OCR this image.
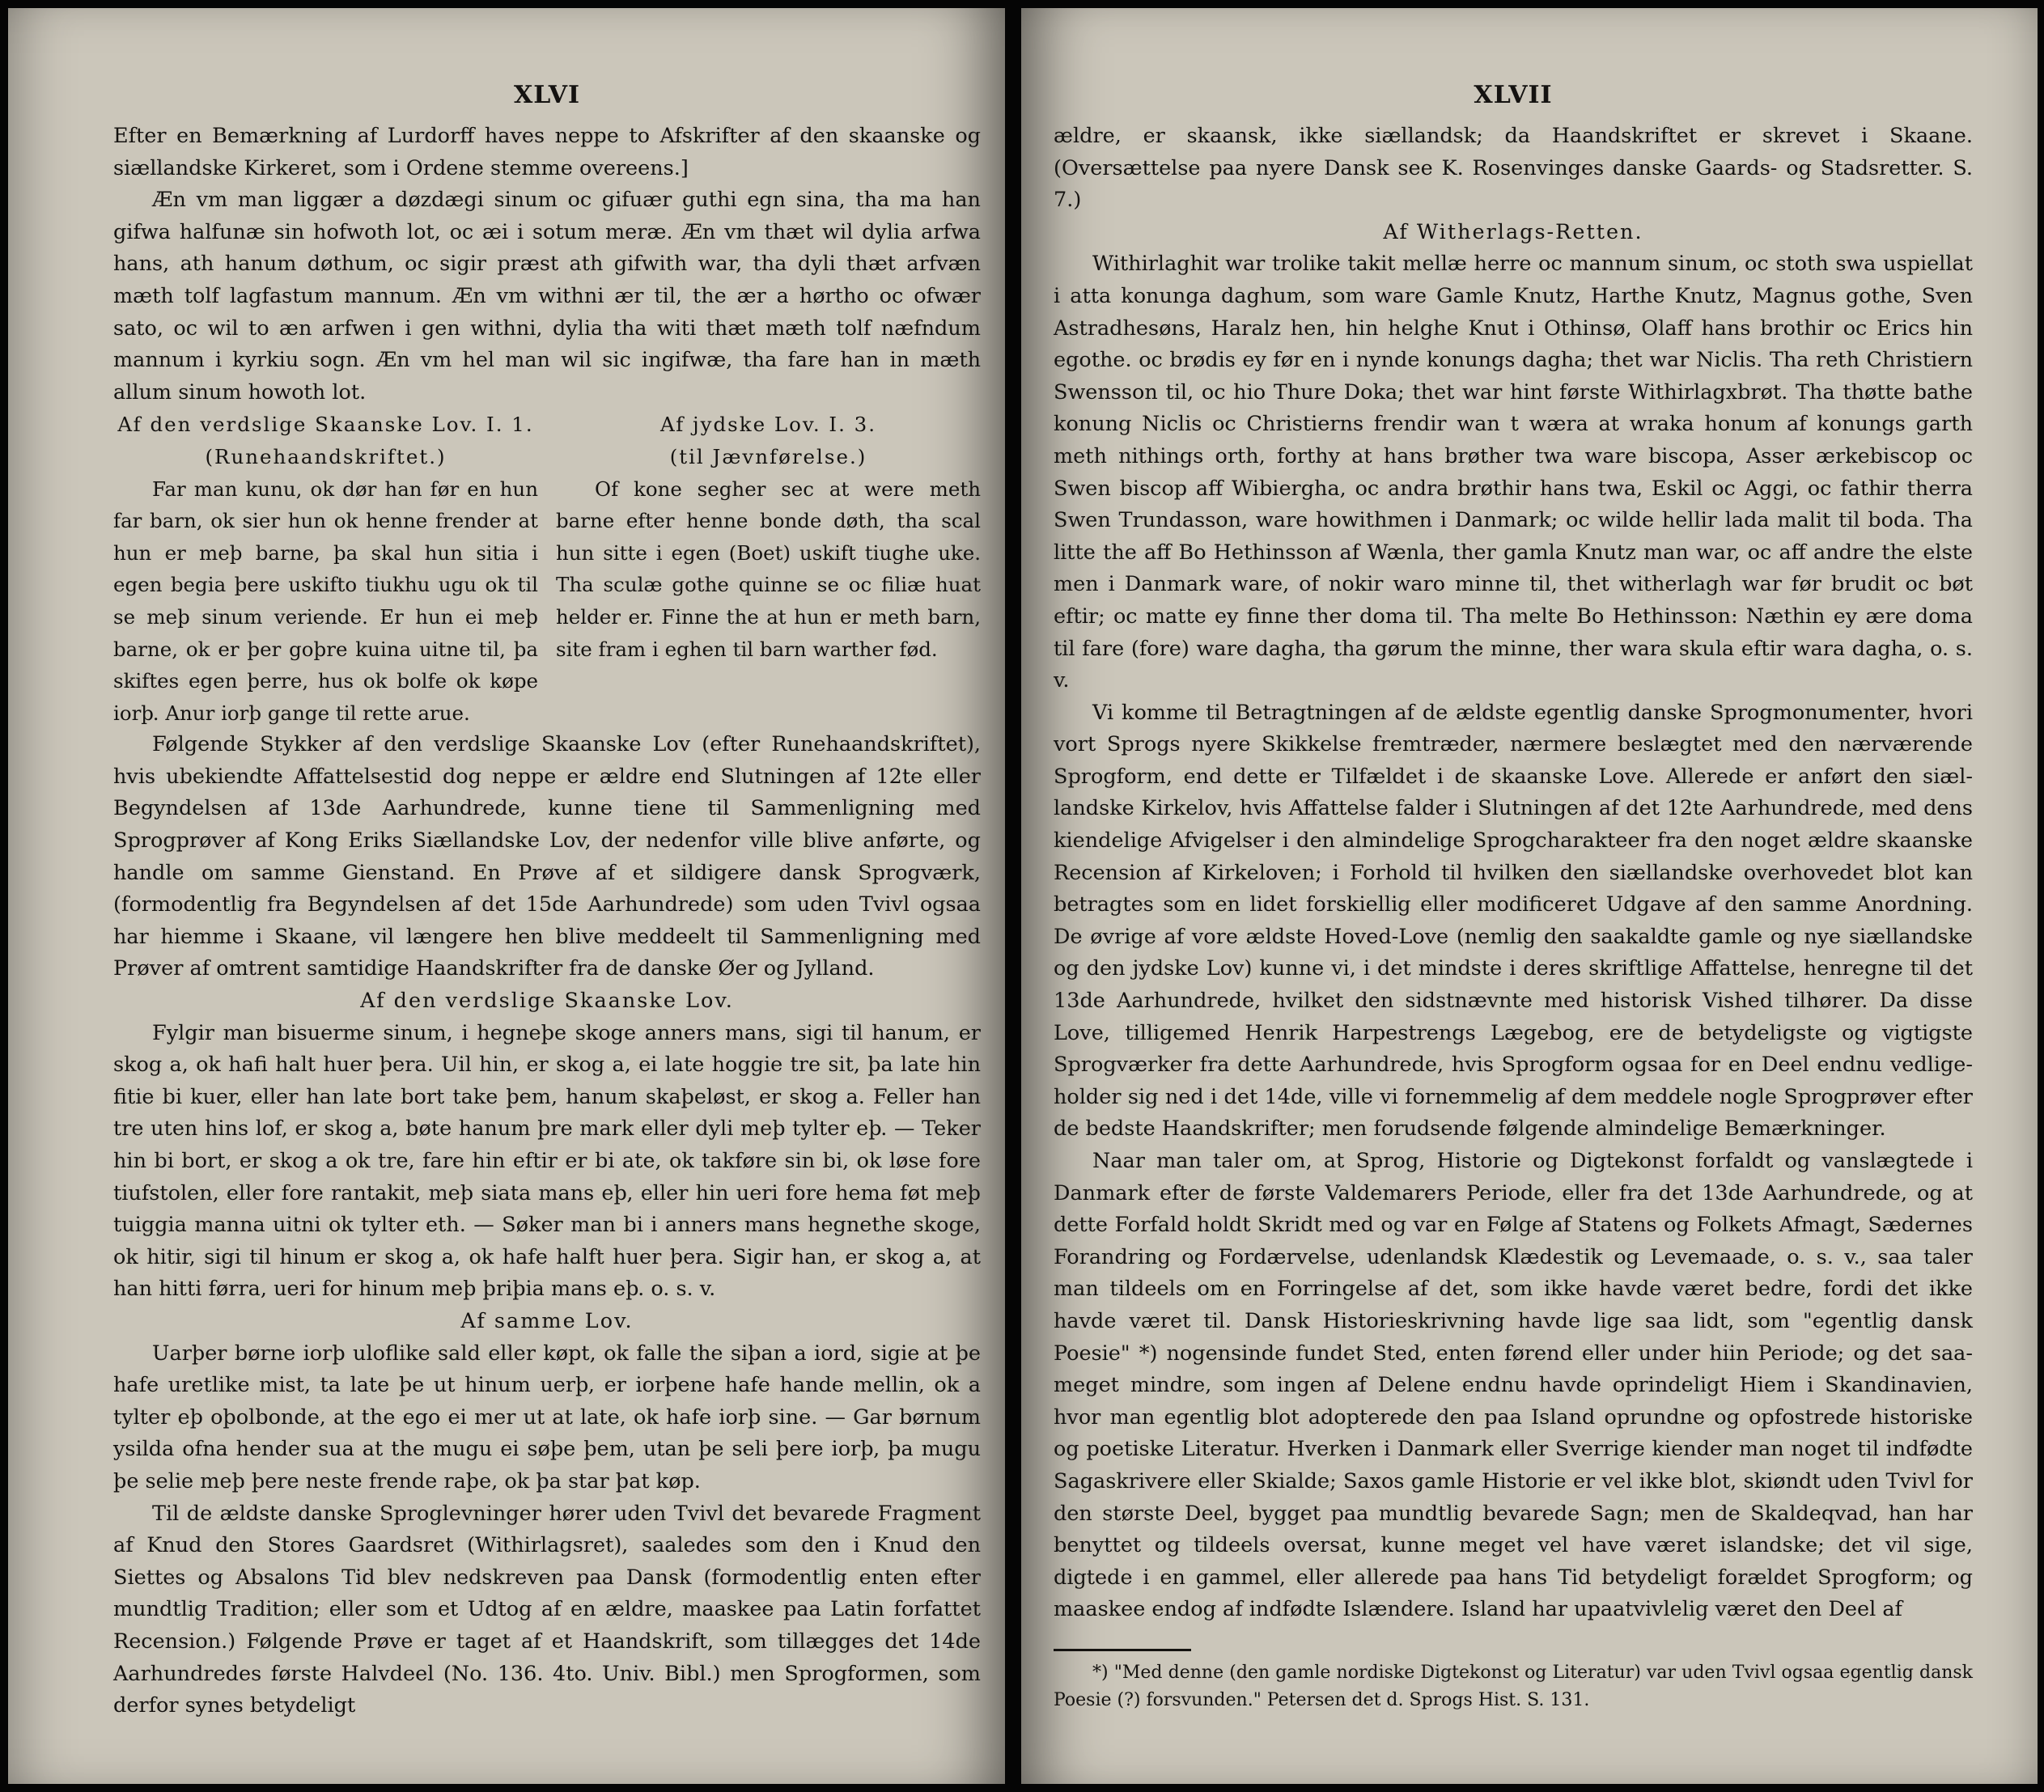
XLVI

Efter en Bemærkning af Lurdorff haves neppe to Afskrifter af den skaanske og siællandske Kirkeret, som i Ordene stemme overeens.]

Æn vm man liggær a døzdægi sinum oc gifuær guthi egn sina, tha ma han gifwa halfunæ sin hofwoth lot, oc æi i sotum meræ. Æn vm thæt wil dylia arfwa hans, ath hanum døthum, oc sigir præst ath gifwith war, tha dyli thæt arfvæn mæth tolf lagfastum mannum. Æn vm withni ær til, the ær a hørtho oc ofwær sato, oc wil to æn arfwen i gen withni, dylia tha witi thæt mæth tolf næfndum mannum i kyrkiu sogn. Æn vm hel man wil sic ingifwæ, tha fare han in mæth allum sinum howoth lot.

Af den verdslige Skaanske Lov. I. 1.

(Runehaandskriftet.)

Far man kunu, ok dør han før en hun far barn, ok sier hun ok henne frender at hun er meþ barne, þa skal hun sitia i egen begia þere uskifto tiukhu ugu ok til se meþ sinum veriende. Er hun ei meþ barne, ok er þer goþre kuina uitne til, þa skiftes egen þerre, hus ok bolfe ok køpe iorþ. Anur iorþ gange til rette arue.

Af jydske Lov. I. 3.

(til Jævnførelse.)

Of kone segher sec at were meth barne efter henne bonde døth, tha scal hun sitte i egen (Boet) uskift tiughe uke. Tha sculæ gothe quinne se oc filiæ huat helder er. Finne the at hun er meth barn, site fram i eghen til barn warther fød.

Følgende Stykker af den verdslige Skaanske Lov (efter Runehaandskriftet), hvis ubekiendte Affattelsestid dog neppe er ældre end Slutningen af 12te eller Begyndelsen af 13de Aarhundrede, kunne tiene til Sammenligning med Sprogprøver af Kong Eriks Siællandske Lov, der nedenfor ville blive anførte, og handle om samme Gienstand. En Prøve af et sildigere dansk Sprogværk, (formodentlig fra Begyndelsen af det 15de Aarhundrede) som uden Tvivl ogsaa har hiemme i Skaane, vil længere hen blive meddeelt til Sammenligning med Prøver af omtrent samtidige Haandskrifter fra de danske Øer og Jylland.

Af den verdslige Skaanske Lov.

Fylgir man bisuerme sinum, i hegneþe skoge anners mans, sigi til hanum, er skog a, ok hafi halt huer þera. Uil hin, er skog a, ei late hoggie tre sit, þa late hin fitie bi kuer, eller han late bort take þem, hanum skaþeløst, er skog a. Feller han tre uten hins lof, er skog a, bøte hanum þre mark eller dyli meþ tylter eþ. — Teker hin bi bort, er skog a ok tre, fare hin eftir er bi ate, ok takføre sin bi, ok løse fore tiufstolen, eller fore rantakit, meþ siata mans eþ, eller hin ueri fore hema føt meþ tuiggia manna uitni ok tylter eth. — Søker man bi i anners mans hegnethe skoge, ok hitir, sigi til hinum er skog a, ok hafe halft huer þera. Sigir han, er skog a, at han hitti førra, ueri for hinum meþ þriþia mans eþ. o. s. v.

Af samme Lov.

Uarþer børne iorþ uloflike sald eller køpt, ok falle the siþan a iord, sigie at þe hafe uretlike mist, ta late þe ut hinum uerþ, er iorþene hafe hande mellin, ok a tylter eþ oþolbonde, at the ego ei mer ut at late, ok hafe iorþ sine. — Gar børnum ysilda ofna hender sua at the mugu ei søþe þem, utan þe seli þere iorþ, þa mugu þe selie meþ þere neste frende raþe, ok þa star þat køp.

Til de ældste danske Sproglevninger hører uden Tvivl det bevarede Fragment af Knud den Stores Gaardsret (Withirlagsret), saaledes som den i Knud den Siettes og Absalons Tid blev nedskreven paa Dansk (formodentlig enten efter mundtlig Tradition; eller som et Udtog af en ældre, maaskee paa Latin forfattet Recension.) Følgende Prøve er taget af et Haandskrift, som tillægges det 14de Aarhundredes første Halvdeel (No. 136. 4to. Univ. Bibl.) men Sprogformen, som derfor synes betydeligt

XLVII

ældre, er skaansk, ikke siællandsk; da Haandskriftet er skrevet i Skaane. (Oversættelse paa nyere Dansk see K. Rosenvinges danske Gaards- og Stadsretter. S. 7.)

Af Witherlags-Retten.

Withirlaghit war trolike takit mellæ herre oc mannum sinum, oc stoth swa uspiellat i atta konunga daghum, som ware Gamle Knutz, Harthe Knutz, Magnus gothe, Sven Astradhesøns, Haralz hen, hin helghe Knut i Othinsø, Olaff hans brothir oc Erics hin egothe. oc brødis ey før en i nynde konungs dagha; thet war Niclis. Tha reth Christiern Swensson til, oc hio Thure Doka; thet war hint første Withirlagxbrøt. Tha thøtte bathe konung Niclis oc Christierns frendir wan t wæra at wraka honum af konungs garth meth nithings orth, forthy at hans brøther twa ware biscopa, Asser ærkebiscop oc Swen biscop aff Wibiergha, oc andra brøthir hans twa, Eskil oc Aggi, oc fathir therra Swen Trundasson, ware howithmen i Danmark; oc wilde hellir lada malit til boda. Tha litte the aff Bo Hethinsson af Wænla, ther gamla Knutz man war, oc aff andre the elste men i Danmark ware, of nokir waro minne til, thet witherlagh war før brudit oc bøt eftir; oc matte ey finne ther doma til. Tha melte Bo Hethinsson: Næthin ey ære doma til fare (fore) ware dagha, tha gørum the minne, ther wara skula eftir wara dagha, o. s. v.

Vi komme til Betragtningen af de ældste egentlig danske Sprogmonumenter, hvori vort Sprogs nyere Skikkelse fremtræder, nærmere beslægtet med den nærværende Sprogform, end dette er Tilfældet i de skaanske Love. Allerede er anført den siællandske Kirkelov, hvis Affattelse falder i Slutningen af det 12te Aarhundrede, med dens kiendelige Afvigelser i den almindelige Sprogcharakteer fra den noget ældre skaanske Recension af Kirkeloven; i Forhold til hvilken den siællandske overhovedet blot kan betragtes som en lidet forskiellig eller modificeret Udgave af den samme Anordning. De øvrige af vore ældste Hoved-Love (nemlig den saakaldte gamle og nye siællandske og den jydske Lov) kunne vi, i det mindste i deres skriftlige Affattelse, henregne til det 13de Aarhundrede, hvilket den sidstnævnte med historisk Vished tilhører. Da disse Love, tilligemed Henrik Harpestrengs Lægebog, ere de betydeligste og vigtigste Sprogværker fra dette Aarhundrede, hvis Sprogform ogsaa for en Deel endnu vedligeholder sig ned i det 14de, ville vi fornemmelig af dem meddele nogle Sprogprøver efter de bedste Haandskrifter; men forudsende følgende almindelige Bemærkninger.

Naar man taler om, at Sprog, Historie og Digtekonst forfaldt og vanslægtede i Danmark efter de første Valdemarers Periode, eller fra det 13de Aarhundrede, og at dette Forfald holdt Skridt med og var en Følge af Statens og Folkets Afmagt, Sædernes Forandring og Fordærvelse, udenlandsk Klædestik og Levemaade, o. s. v., saa taler man tildeels om en Forringelse af det, som ikke havde været bedre, fordi det ikke havde været til. Dansk Historieskrivning havde lige saa lidt, som "egentlig dansk Poesie" *) nogensinde fundet Sted, enten førend eller under hiin Periode; og det saameget mindre, som ingen af Delene endnu havde oprindeligt Hiem i Skandinavien, hvor man egentlig blot adopterede den paa Island oprundne og opfostrede historiske og poetiske Literatur. Hverken i Danmark eller Sverrige kiender man noget til indfødte Sagaskrivere eller Skialde; Saxos gamle Historie er vel ikke blot, skiøndt uden Tvivl for den største Deel, bygget paa mundtlig bevarede Sagn; men de Skaldeqvad, han har benyttet og tildeels oversat, kunne meget vel have været islandske; det vil sige, digtede i en gammel, eller allerede paa hans Tid betydeligt forældet Sprogform; og maaskee endog af indfødte Islændere. Island har upaatvivlelig været den Deel af

*) "Med denne (den gamle nordiske Digtekonst og Literatur) var uden Tvivl ogsaa egentlig dansk Poesie (?) forsvunden." Petersen det d. Sprogs Hist. S. 131.
